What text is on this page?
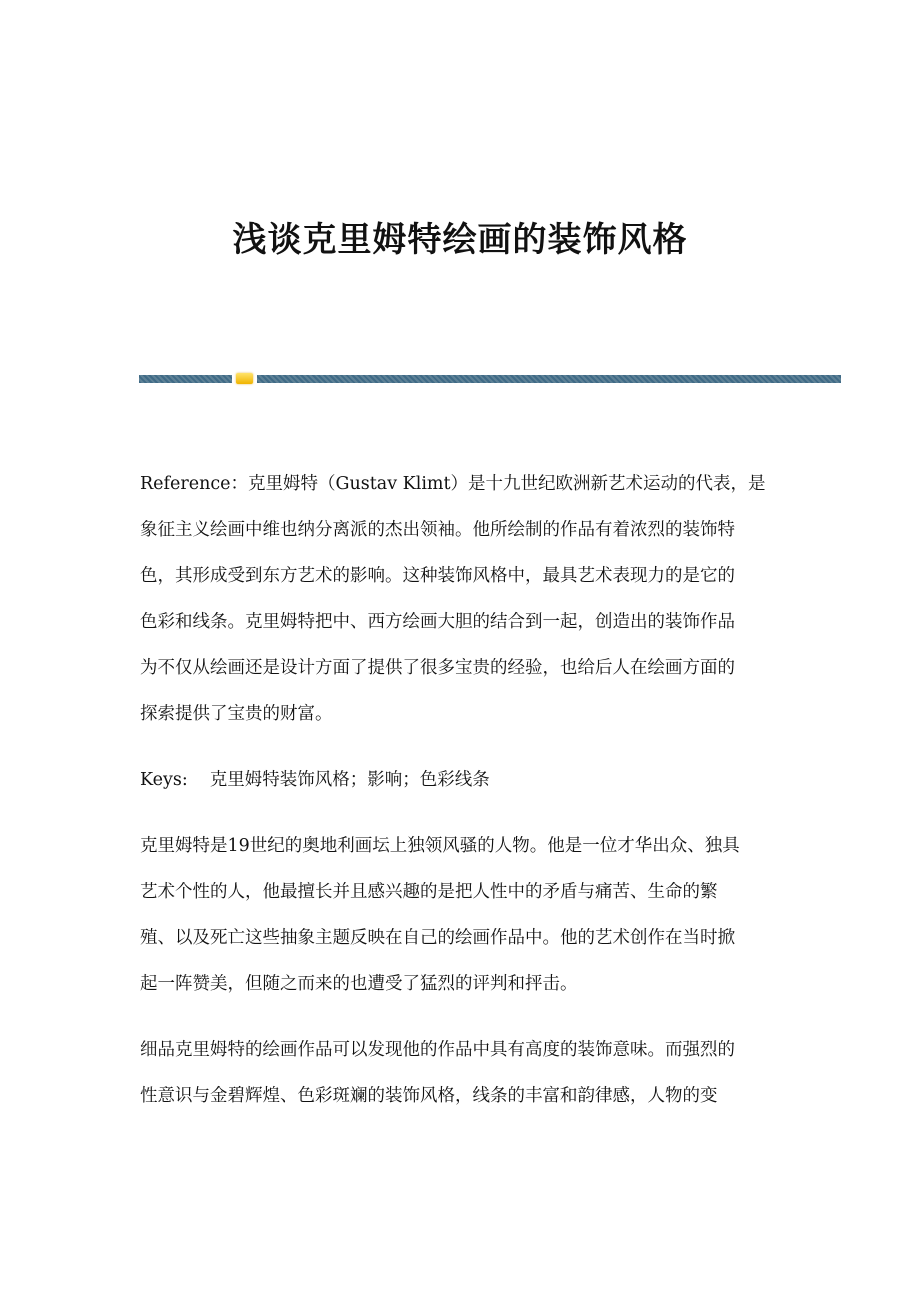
浅谈克里姆特绘画的装饰风格
Reference：克里姆特（Gustav Klimt）是十九世纪欧洲新艺术运动的代表，是
象征主义绘画中维也纳分离派的杰出领袖。他所绘制的作品有着浓烈的装饰特
色，其形成受到东方艺术的影响。这种装饰风格中，最具艺术表现力的是它的
色彩和线条。克里姆特把中、西方绘画大胆的结合到一起，创造出的装饰作品
为不仅从绘画还是设计方面了提供了很多宝贵的经验，也给后人在绘画方面的
探索提供了宝贵的财富。
Keys: 克里姆特装饰风格；影响；色彩线条
克里姆特是19世纪的奥地利画坛上独领风骚的人物。他是一位才华出众、独具
艺术个性的人，他最擅长并且感兴趣的是把人性中的矛盾与痛苦、生命的繁
殖、以及死亡这些抽象主题反映在自己的绘画作品中。他的艺术创作在当时掀
起一阵赞美，但随之而来的也遭受了猛烈的评判和抨击。
细品克里姆特的绘画作品可以发现他的作品中具有高度的装饰意味。而强烈的
性意识与金碧辉煌、色彩斑斓的装饰风格，线条的丰富和韵律感，人物的变
